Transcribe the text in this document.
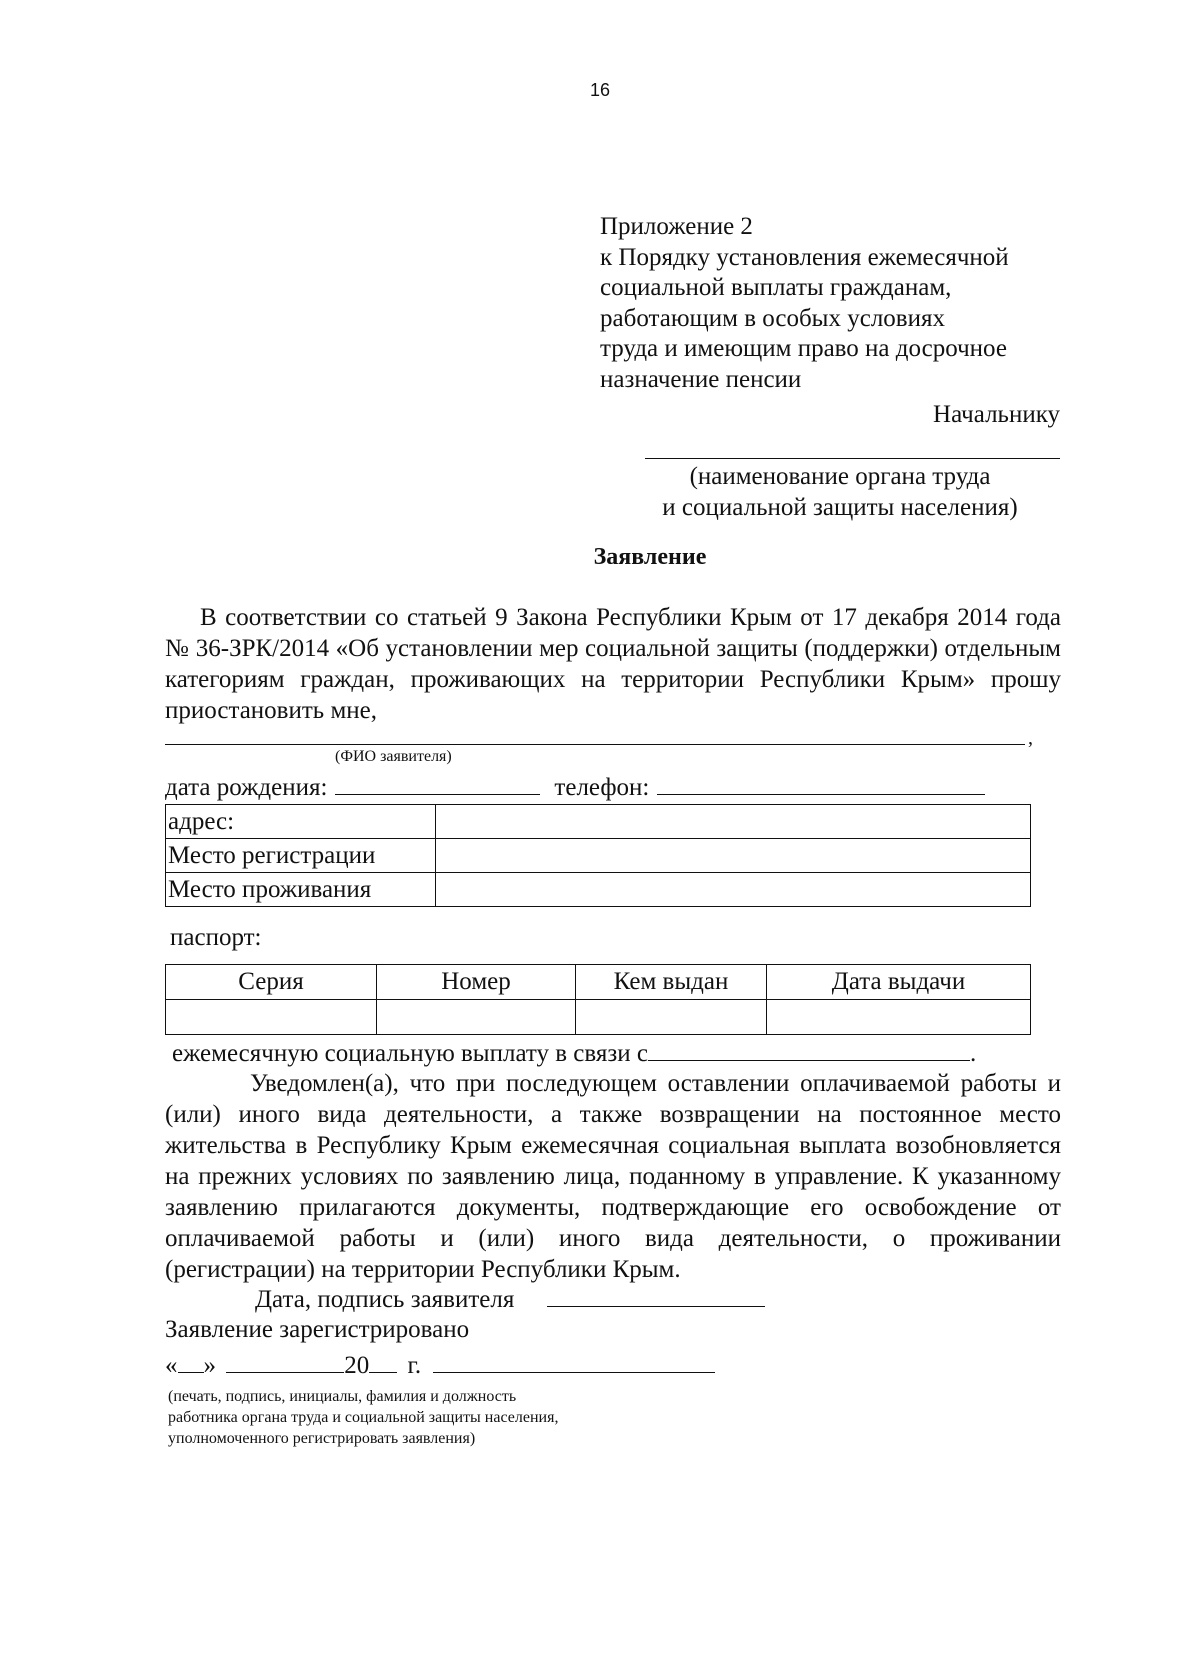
16
Приложение 2
к Порядку установления ежемесячной
социальной выплаты гражданам,
работающим в особых условиях
труда и имеющим право на досрочное
назначение пенсии
Начальнику
(наименование органа труда
и социальной защиты населения)
Заявление
В соответствии со статьей 9 Закона Республики Крым от 17 декабря 2014 года № 36-ЗРК/2014 «Об установлении мер социальной защиты (поддержки) отдельным категориям граждан, проживающих на территории Республики Крым» прошу приостановить мне,
,
(ФИО заявителя)
дата рождения:	телефон:
адрес:	
Место регистрации	
Место проживания	
паспорт:
Серия	Номер	Кем выдан	Дата выдачи

ежемесячную социальную выплату в связи с	.
Уведомлен(а), что при последующем оставлении оплачиваемой работы и (или) иного вида деятельности, а также возвращении на постоянное место жительства в Республику Крым ежемесячная социальная выплата возобновляется на прежних условиях по заявлению лица, поданному в управление. К указанному заявлению прилагаются документы, подтверждающие его освобождение от оплачиваемой работы и (или) иного вида деятельности, о проживании (регистрации) на территории Республики Крым.
Дата, подпись заявителя
Заявление зарегистрировано
« »	20 г.
(печать, подпись, инициалы, фамилия и должность
работника органа труда и социальной защиты населения,
уполномоченного регистрировать заявления)
